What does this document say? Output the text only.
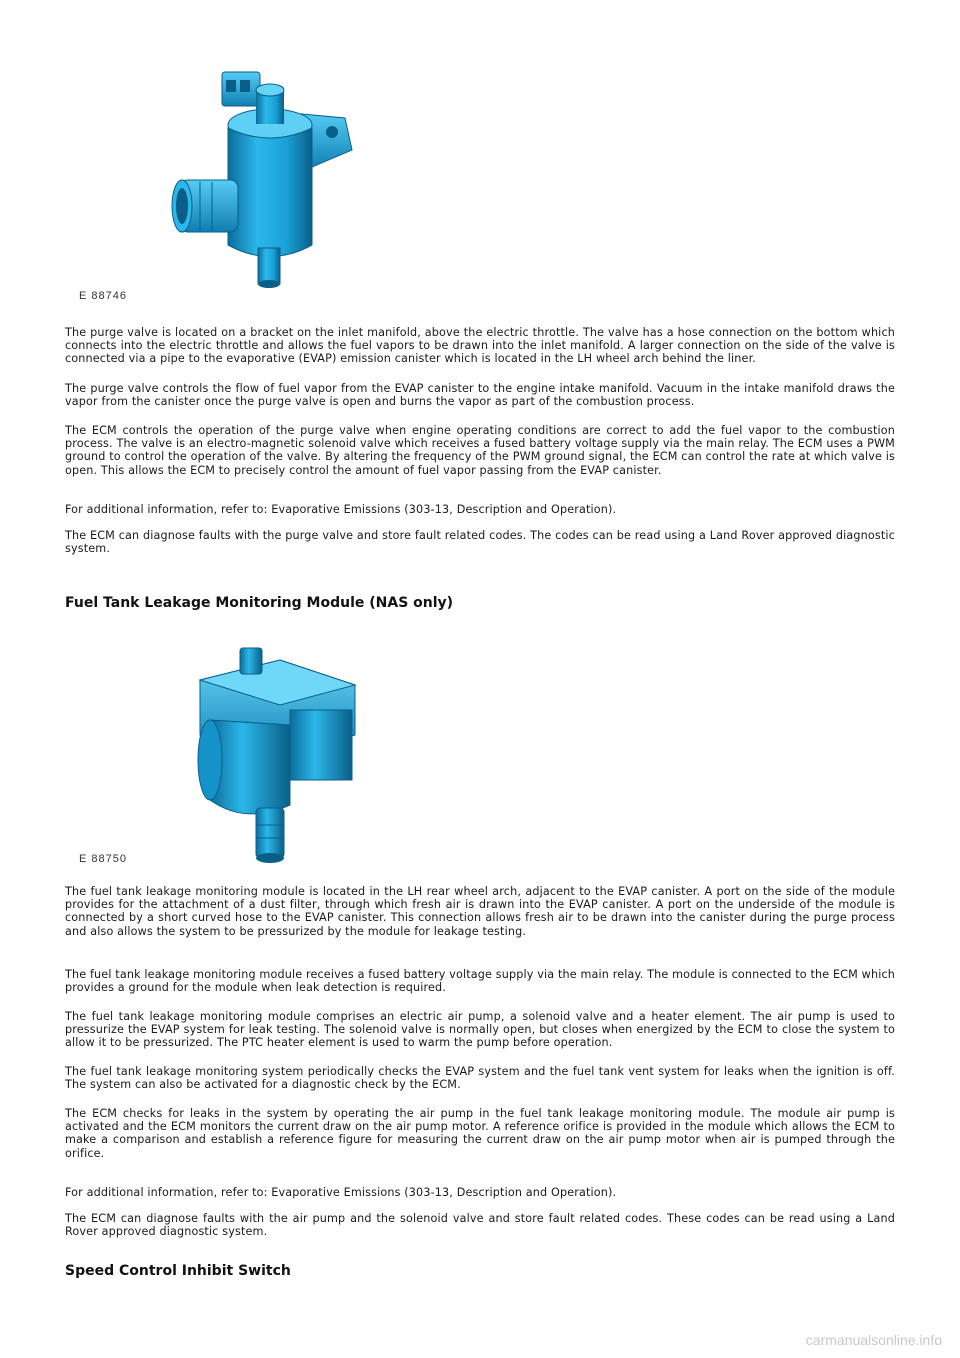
E 88746

The purge valve is located on a bracket on the inlet manifold, above the electric throttle. The valve has a hose connection on the bottom which connects into the electric throttle and allows the fuel vapors to be drawn into the inlet manifold. A larger connection on the side of the valve is connected via a pipe to the evaporative (EVAP) emission canister which is located in the LH wheel arch behind the liner.

The purge valve controls the flow of fuel vapor from the EVAP canister to the engine intake manifold. Vacuum in the intake manifold draws the vapor from the canister once the purge valve is open and burns the vapor as part of the combustion process.

The ECM controls the operation of the purge valve when engine operating conditions are correct to add the fuel vapor to the combustion process. The valve is an electro-magnetic solenoid valve which receives a fused battery voltage supply via the main relay. The ECM uses a PWM ground to control the operation of the valve. By altering the frequency of the PWM ground signal, the ECM can control the rate at which valve is open. This allows the ECM to precisely control the amount of fuel vapor passing from the EVAP canister.

For additional information, refer to: Evaporative Emissions (303-13, Description and Operation).

The ECM can diagnose faults with the purge valve and store fault related codes. The codes can be read using a Land Rover approved diagnostic system.

Fuel Tank Leakage Monitoring Module (NAS only)
E 88750

The fuel tank leakage monitoring module is located in the LH rear wheel arch, adjacent to the EVAP canister. A port on the side of the module provides for the attachment of a dust filter, through which fresh air is drawn into the EVAP canister. A port on the underside of the module is connected by a short curved hose to the EVAP canister. This connection allows fresh air to be drawn into the canister during the purge process and also allows the system to be pressurized by the module for leakage testing.

The fuel tank leakage monitoring module receives a fused battery voltage supply via the main relay. The module is connected to the ECM which provides a ground for the module when leak detection is required.

The fuel tank leakage monitoring module comprises an electric air pump, a solenoid valve and a heater element. The air pump is used to pressurize the EVAP system for leak testing. The solenoid valve is normally open, but closes when energized by the ECM to close the system to allow it to be pressurized. The PTC heater element is used to warm the pump before operation.

The fuel tank leakage monitoring system periodically checks the EVAP system and the fuel tank vent system for leaks when the ignition is off. The system can also be activated for a diagnostic check by the ECM.

The ECM checks for leaks in the system by operating the air pump in the fuel tank leakage monitoring module. The module air pump is activated and the ECM monitors the current draw on the air pump motor. A reference orifice is provided in the module which allows the ECM to make a comparison and establish a reference figure for measuring the current draw on the air pump motor when air is pumped through the orifice.

For additional information, refer to: Evaporative Emissions (303-13, Description and Operation).

The ECM can diagnose faults with the air pump and the solenoid valve and store fault related codes. These codes can be read using a Land Rover approved diagnostic system.

Speed Control Inhibit Switch
carmanualsonline.info
